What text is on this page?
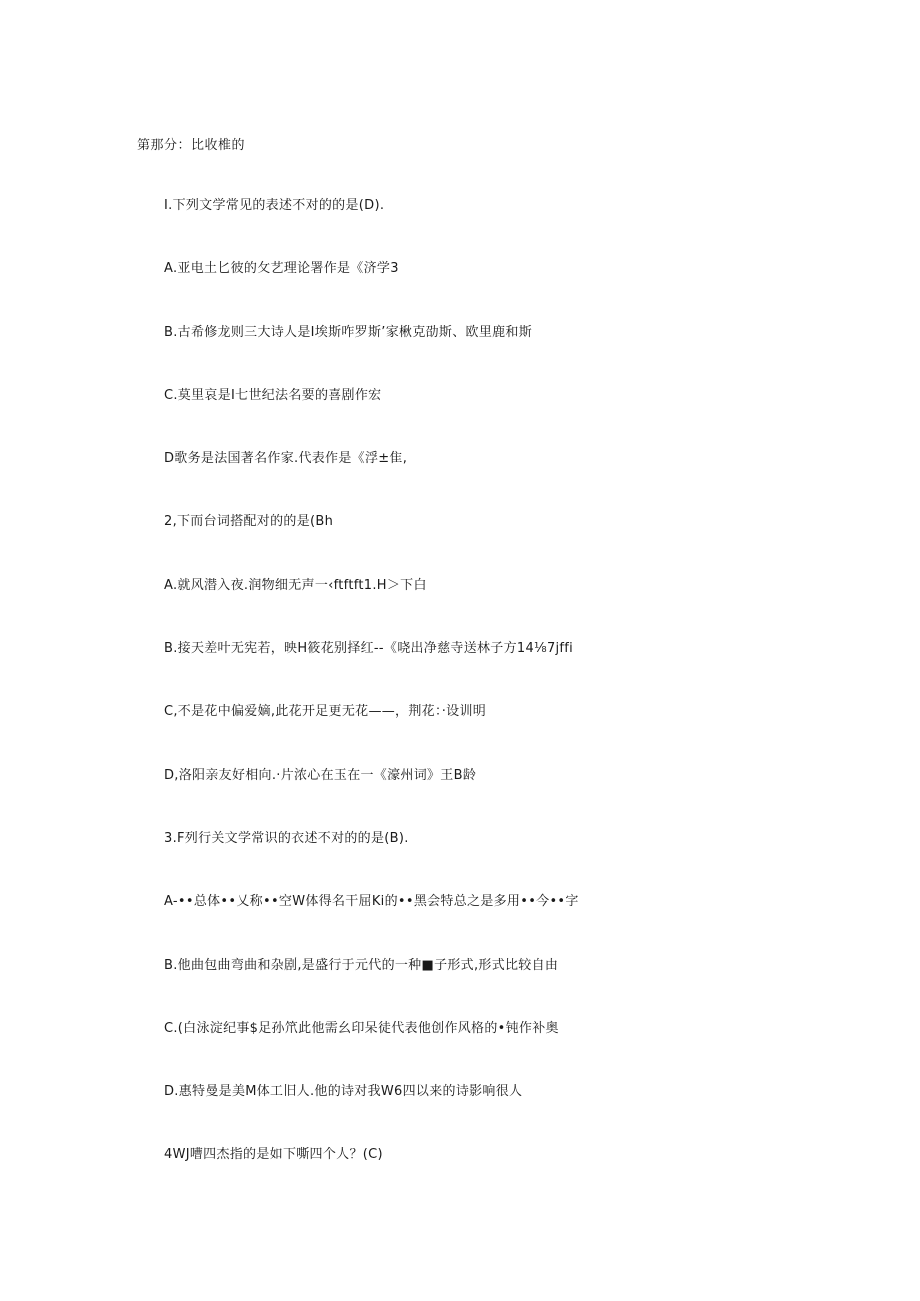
第那分：比收椎的
I.下列文学常见的表述不对的的是(D).
A.亚电土匕彼的攵艺理论署作是《济学3
B.古希修龙则三大诗人是I埃斯咋罗斯’家楸克劭斯、欧里鹿和斯
C.莫里哀是I七世纪法名要的喜剧作宏
D歌务是法国著名作家.代表作是《浮±隹,
2,下而台词搭配对的的是(Bh
A.就风潜入夜.润物细无声一‹ftftft1.H＞下白
B.接天差叶无宪若，映H筱花别择红--《哓出净慈寺送林子方14⅛7jffi
C,不是花中偏爱嫡,此花开足更无花——，荆花：·设训明
D,洛阳亲友好相向.·片浓心在玉在一《濠州词》王B龄
3.F列行关文学常识的衣述不对的的是(B).
A-••总体••乂称••空W体得名干屈Ki的••黑会特总之是多用••今••字
B.他曲包曲弯曲和杂剧,是盛行于元代的一种■子形式,形式比较自由
C.(白泳淀纪事$足孙笊此他需幺印呆徒代表他创作风格的•钝作补奥
D.惠特曼是美M体工旧人.他的诗对我W6四以来的诗影响很人
4WJ嘈四杰指的是如下嘶四个人？(C)
